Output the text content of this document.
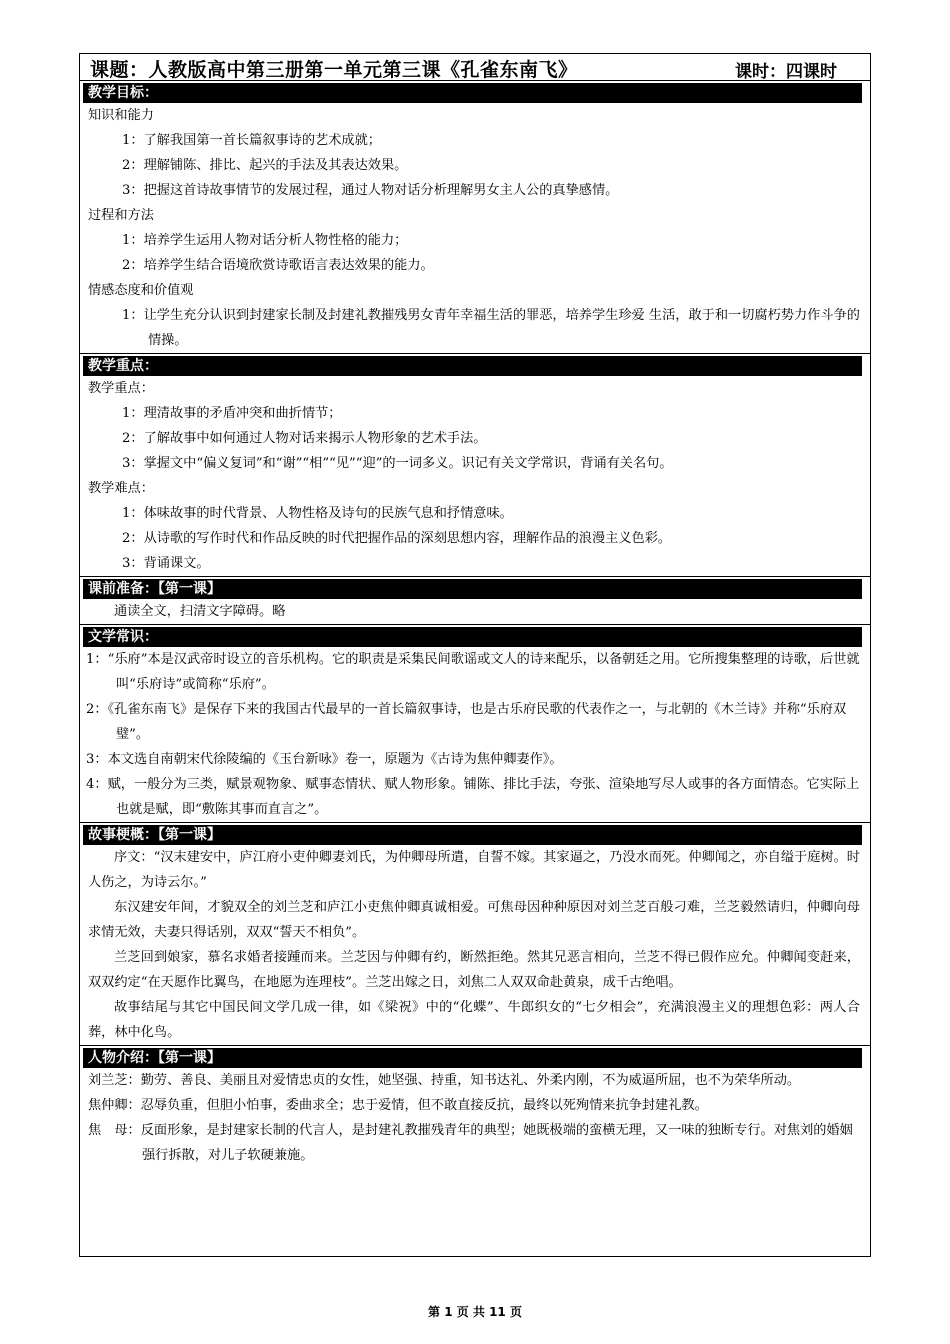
课题：人教版高中第三册第一单元第三课《孔雀东南飞》	课时：四课时
教学目标：
知识和能力
1：了解我国第一首长篇叙事诗的艺术成就；
2：理解铺陈、排比、起兴的手法及其表达效果。
3：把握这首诗故事情节的发展过程，通过人物对话分析理解男女主人公的真挚感情。
过程和方法
1：培养学生运用人物对话分析人物性格的能力；
2：培养学生结合语境欣赏诗歌语言表达效果的能力。
情感态度和价值观
1：让学生充分认识到封建家长制及封建礼教摧残男女青年幸福生活的罪恶，培养学生珍爱 生活，敢于和一切腐朽势力作斗争的情操。
教学重点：
教学重点：
1：理清故事的矛盾冲突和曲折情节；
2：了解故事中如何通过人物对话来揭示人物形象的艺术手法。
3：掌握文中“偏义复词”和“谢”“相”“见”“迎”的一词多义。识记有关文学常识，背诵有关名句。
教学难点：
1：体味故事的时代背景、人物性格及诗句的民族气息和抒情意味。
2：从诗歌的写作时代和作品反映的时代把握作品的深刻思想内容，理解作品的浪漫主义色彩。
3：背诵课文。
课前准备：【第一课】
通读全文，扫清文字障碍。略
文学常识：
1：“乐府”本是汉武帝时设立的音乐机构。它的职责是采集民间歌谣或文人的诗来配乐，以备朝廷之用。它所搜集整理的诗歌，后世就叫“乐府诗”或简称“乐府”。
2：《孔雀东南飞》是保存下来的我国古代最早的一首长篇叙事诗，也是古乐府民歌的代表作之一，与北朝的《木兰诗》并称“乐府双璧”。
3：本文选自南朝宋代徐陵编的《玉台新咏》卷一，原题为《古诗为焦仲卿妻作》。
4：赋，一般分为三类，赋景观物象、赋事态情状、赋人物形象。铺陈、排比手法，夸张、渲染地写尽人或事的各方面情态。它实际上也就是赋，即“敷陈其事而直言之”。
故事梗概：【第一课】
序文：“汉末建安中，庐江府小吏仲卿妻刘氏，为仲卿母所遣，自誓不嫁。其家逼之，乃没水而死。仲卿闻之，亦自缢于庭树。时人伤之，为诗云尔。”
东汉建安年间，才貌双全的刘兰芝和庐江小吏焦仲卿真诚相爱。可焦母因种种原因对刘兰芝百般刁难，兰芝毅然请归，仲卿向母求情无效，夫妻只得话别，双双“誓天不相负”。
兰芝回到娘家，慕名求婚者接踵而来。兰芝因与仲卿有约，断然拒绝。然其兄恶言相向，兰芝不得已假作应允。仲卿闻变赶来，双双约定“在天愿作比翼鸟，在地愿为连理枝”。兰芝出嫁之日，刘焦二人双双命赴黄泉，成千古绝唱。
故事结尾与其它中国民间文学几成一律，如《梁祝》中的“化蝶”、牛郎织女的“七夕相会”，充满浪漫主义的理想色彩：两人合葬，林中化鸟。
人物介绍：【第一课】
刘兰芝：勤劳、善良、美丽且对爱情忠贞的女性，她坚强、持重，知书达礼、外柔内刚，不为威逼所屈，也不为荣华所动。
焦仲卿：忍辱负重，但胆小怕事，委曲求全；忠于爱情，但不敢直接反抗，最终以死殉情来抗争封建礼教。
焦　母：反面形象，是封建家长制的代言人，是封建礼教摧残青年的典型；她既极端的蛮横无理，又一味的独断专行。对焦刘的婚姻强行拆散，对儿子软硬兼施。
第 1 页 共 11 页
